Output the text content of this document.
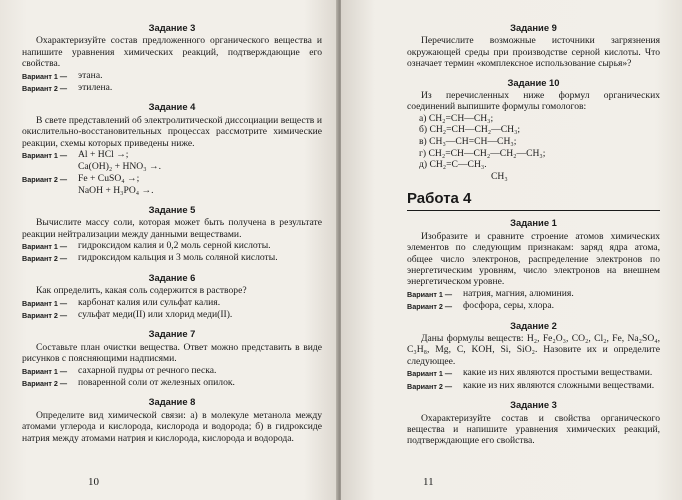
Задание 3

Охарактеризуйте состав предложенного органического вещества и напишите уравнения химических реакций, подтверждающие его свойства.

Вариант 1 —	этана.
Вариант 2 —	этилена.
Задание 4

В свете представлений об электролитической диссоциации веществ и окислительно-восстановительных процессах рассмотрите химические реакции, схемы которых приведены ниже.

Вариант 1 —	Al + HCl →;
Ca(OH)₂ + HNO₃ →.
Вариант 2 —	Fe + CuSO₄ →;
NaOH + H₃PO₄ →.
Задание 5

Вычислите массу соли, которая может быть получена в результате реакции нейтрализации между данными веществами.

Вариант 1 —	гидроксидом калия и 0,2 моль серной кислоты.
Вариант 2 —	гидроксидом кальция и 3 моль соляной кислоты.
Задание 6

Как определить, какая соль содержится в растворе?

Вариант 1 —	карбонат калия или сульфат калия.
Вариант 2 —	сульфат меди(II) или хлорид меди(II).
Задание 7

Составьте план очистки вещества. Ответ можно представить в виде рисунков с поясняющими надписями.

Вариант 1 —	сахарной пудры от речного песка.
Вариант 2 —	поваренной соли от железных опилок.
Задание 8

Определите вид химической связи: а) в молекуле метанола между атомами углерода и кислорода, кислорода и водорода; б) в гидроксиде натрия между атомами натрия и кислорода, кислорода и водорода.

10
Задание 9

Перечислите возможные источники загрязнения окружающей среды при производстве серной кислоты. Что означает термин «комплексное использование сырья»?

Задание 10

Из перечисленных ниже формул органических соединений выпишите формулы гомологов:

а) CH₂=CH—CH₃;
б) CH₂=CH—CH₂—CH₃;
в) CH₃—CH=CH—CH₃;
г) CH₂=CH—CH₂—CH₂—CH₃;
д) CH₂=C—CH₃.
CH₃
Работа 4
Задание 1

Изобразите и сравните строение атомов химических элементов по следующим признакам: заряд ядра атома, общее число электронов, распределение электронов по энергетическим уровням, число электронов на внешнем энергетическом уровне.

Вариант 1 —	натрия, магния, алюминия.
Вариант 2 —	фосфора, серы, хлора.
Задание 2

Даны формулы веществ: H₂, Fe₂O₃, CO₂, Cl₂, Fe, Na₂SO₄, C₃H₈, Mg, C, KOH, Si, SiO₂. Назовите их и определите следующее.

Вариант 1 —	какие из них являются простыми веществами.
Вариант 2 —	какие из них являются сложными веществами.
Задание 3

Охарактеризуйте состав и свойства органического вещества и напишите уравнения химических реакций, подтверждающие его свойства.

11
